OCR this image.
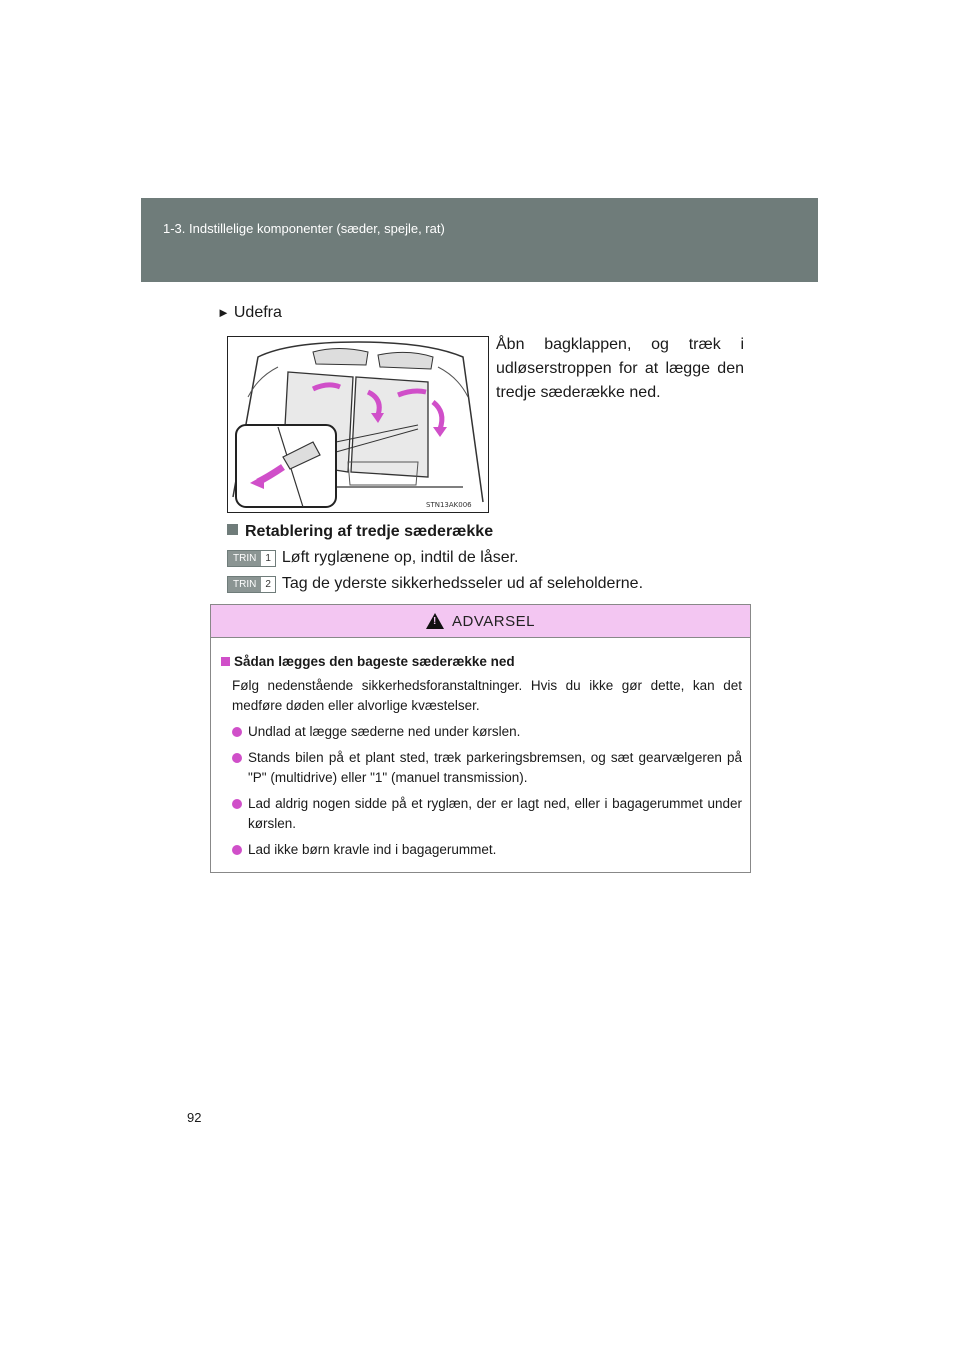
1-3. Indstillelige komponenter (sæder, spejle, rat)
► Udefra
STN13AK006
Åbn bagklappen, og træk i udløserstroppen for at lægge den tredje sæderække ned.
Retablering af tredje sæderække
TRIN 1 Løft ryglænene op, indtil de låser.
TRIN 2 Tag de yderste sikkerhedsseler ud af seleholderne.
! ADVARSEL
Sådan lægges den bageste sæderække ned
Følg nedenstående sikkerhedsforanstaltninger. Hvis du ikke gør dette, kan det medføre døden eller alvorlige kvæstelser.
Undlad at lægge sæderne ned under kørslen.
Stands bilen på et plant sted, træk parkeringsbremsen, og sæt gearvælgeren på "P" (multidrive) eller "1" (manuel transmission).
Lad aldrig nogen sidde på et ryglæn, der er lagt ned, eller i bagagerummet under kørslen.
Lad ikke børn kravle ind i bagagerummet.
92
